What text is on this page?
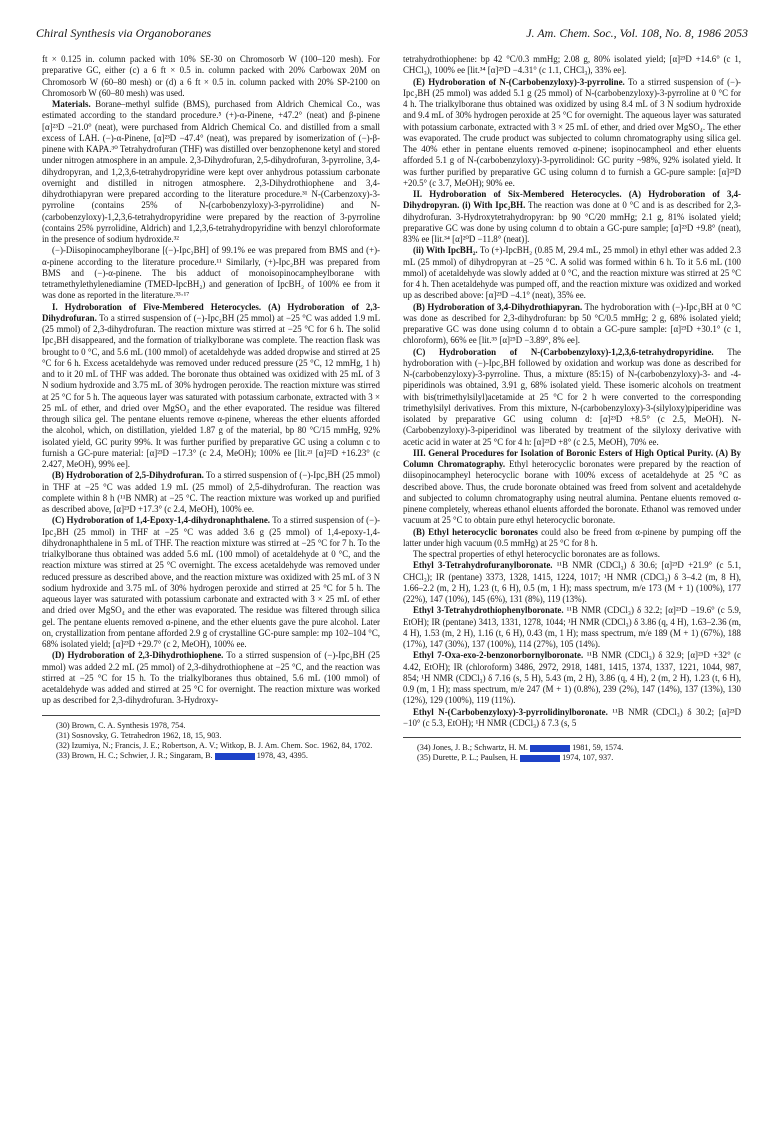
Chiral Synthesis via Organoboranes	J. Am. Chem. Soc., Vol. 108, No. 8, 1986 2053

ft × 0.125 in. column packed with 10% SE-30 on Chromosorb W (100–120 mesh). For preparative GC, either (c) a 6 ft × 0.5 in. column packed with 20% Carbowax 20M on Chromosorb W (60–80 mesh) or (d) a 6 ft × 0.5 in. column packed with 20% SP-2100 on Chromosorb W (60–80 mesh) was used.

Materials. Borane–methyl sulfide (BMS), purchased from Aldrich Chemical Co., was estimated according to the standard procedure.⁵ (+)-α-Pinene, +47.2° (neat) and β-pinene [α]²³D −21.0° (neat), were purchased from Aldrich Chemical Co. and distilled from a small excess of LAH. (−)-α-Pinene, [α]²³D −47.4° (neat), was prepared by isomerization of (−)-β-pinene with KAPA.³⁰ Tetrahydrofuran (THF) was distilled over benzophenone ketyl and stored under nitrogen atmosphere in an ampule. 2,3-Dihydrofuran, 2,5-dihydrofuran, 3-pyrroline, 3,4-dihydropyran, and 1,2,3,6-tetrahydropyridine were kept over anhydrous potassium carbonate overnight and distilled in nitrogen atmosphere. 2,3-Dihydrothiophene and 3,4-dihydrothiapyran were prepared according to the literature procedure.³¹ N-(Carbenzoxy)-3-pyrroline (contains 25% of N-(carbobenzyloxy)-3-pyrrolidine) and N-(carbobenzyloxy)-1,2,3,6-tetrahydropyridine were prepared by the reaction of 3-pyrroline (contains 25% pyrrolidine, Aldrich) and 1,2,3,6-tetrahydropyridine with benzyl chloroformate in the presence of sodium hydroxide.³²

(−)-Diisopinocampheylborane [(−)-Ipc₂BH] of 99.1% ee was prepared from BMS and (+)-α-pinene according to the literature procedure.¹¹ Similarly, (+)-Ipc₂BH was prepared from BMS and (−)-α-pinene. The bis adduct of monoisopinocampheylborane with tetramethylethylenediamine (TMED-IpcBH₂) and generation of IpcBH₂ of 100% ee from it was done as reported in the literature.³³·¹⁷

I. Hydroboration of Five-Membered Heterocycles. (A) Hydroboration of 2,3-Dihydrofuran. To a stirred suspension of (−)-Ipc₂BH (25 mmol) at −25 °C was added 1.9 mL (25 mmol) of 2,3-dihydrofuran. The reaction mixture was stirred at −25 °C for 6 h. The solid Ipc₂BH disappeared, and the formation of trialkylborane was complete. The reaction flask was brought to 0 °C, and 5.6 mL (100 mmol) of acetaldehyde was added dropwise and stirred at 25 °C for 6 h. Excess acetaldehyde was removed under reduced pressure (25 °C, 12 mmHg, 1 h) and to it 20 mL of THF was added. The boronate thus obtained was oxidized with 25 mL of 3 N sodium hydroxide and 3.75 mL of 30% hydrogen peroxide. The reaction mixture was stirred at 25 °C for 5 h. The aqueous layer was saturated with potassium carbonate, extracted with 3 × 25 mL of ether, and dried over MgSO₄ and the ether evaporated. The residue was filtered through silica gel. The pentane eluents remove α-pinene, whereas the ether eluents afforded the alcohol, which, on distillation, yielded 1.87 g of the material, bp 80 °C/15 mmHg, 92% isolated yield, GC purity 99%. It was further purified by preparative GC using a column c to furnish a GC-pure material: [α]²³D −17.3° (c 2.4, MeOH); 100% ee [lit.²¹ [α]²²D +16.23° (c 2.427, MeOH), 99% ee].

(B) Hydroboration of 2,5-Dihydrofuran. To a stirred suspension of (−)-Ipc₂BH (25 mmol) in THF at −25 °C was added 1.9 mL (25 mmol) of 2,5-dihydrofuran. The reaction was complete within 8 h (¹¹B NMR) at −25 °C. The reaction mixture was worked up and purified as described above, [α]²³D +17.3° (c 2.4, MeOH), 100% ee.

(C) Hydroboration of 1,4-Epoxy-1,4-dihydronaphthalene. To a stirred suspension of (−)-Ipc₂BH (25 mmol) in THF at −25 °C was added 3.6 g (25 mmol) of 1,4-epoxy-1,4-dihydronaphthalene in 5 mL of THF. The reaction mixture was stirred at −25 °C for 7 h. To the trialkylborane thus obtained was added 5.6 mL (100 mmol) of acetaldehyde at 0 °C, and the reaction mixture was stirred at 25 °C overnight. The excess acetaldehyde was removed under reduced pressure as described above, and the reaction mixture was oxidized with 25 mL of 3 N sodium hydroxide and 3.75 mL of 30% hydrogen peroxide and stirred at 25 °C for 5 h. The aqueous layer was saturated with potassium carbonate and extracted with 3 × 25 mL of ether and dried over MgSO₄ and the ether was evaporated. The residue was filtered through silica gel. The pentane eluents removed α-pinene, and the ether eluents gave the pure alcohol. Later on, crystallization from pentane afforded 2.9 g of crystalline GC-pure sample: mp 102–104 °C, 68% isolated yield; [α]²³D +29.7° (c 2, MeOH), 100% ee.

(D) Hydroboration of 2,3-Dihydrothiophene. To a stirred suspension of (−)-Ipc₂BH (25 mmol) was added 2.2 mL (25 mmol) of 2,3-dihydrothiophene at −25 °C, and the reaction was stirred at −25 °C for 15 h. To the trialkylboranes thus obtained, 5.6 mL (100 mmol) of acetaldehyde was added and stirred at 25 °C for overnight. The reaction mixture was worked up as described for 2,3-dihydrofuran. 3-Hydroxy-

(30) Brown, C. A. Synthesis 1978, 754.
(31) Sosnovsky, G. Tetrahedron 1962, 18, 15, 903.
(32) Izumiya, N.; Francis, J. E.; Robertson, A. V.; Witkop, B. J. Am. Chem. Soc. 1962, 84, 1702.
(33) Brown, H. C.; Schwier, J. R.; Singaram, B.	1978, 43, 4395.

tetrahydrothiophene: bp 42 °C/0.3 mmHg; 2.08 g, 80% isolated yield; [α]²³D +14.6° (c 1, CHCl₃), 100% ee [lit.³⁴ [α]²⁵D −4.31° (c 1.1, CHCl₃), 33% ee].

(E) Hydroboration of N-(Carbobenzyloxy)-3-pyrroline. To a stirred suspension of (−)-Ipc₂BH (25 mmol) was added 5.1 g (25 mmol) of N-(carbobenzyloxy)-3-pyrroline at 0 °C for 4 h. The trialkylborane thus obtained was oxidized by using 8.4 mL of 3 N sodium hydroxide and 9.4 mL of 30% hydrogen peroxide at 25 °C for overnight. The aqueous layer was saturated with potassium carbonate, extracted with 3 × 25 mL of ether, and dried over MgSO₄. The ether was evaporated. The crude product was subjected to column chromatography using silica gel. The 40% ether in pentane eluents removed α-pinene; isopinocampheol and ether eluents afforded 5.1 g of N-(carbobenzyloxy)-3-pyrrolidinol: GC purity ~98%, 92% isolated yield. It was further purified by preparative GC using column d to furnish a GC-pure sample: [α]²³D +20.5° (c 3.7, MeOH); 90% ee.

II. Hydroboration of Six-Membered Heterocycles. (A) Hydroboration of 3,4-Dihydropyran. (i) With Ipc₂BH. The reaction was done at 0 °C and is as described for 2,3-dihydrofuran. 3-Hydroxytetrahydropyran: bp 90 °C/20 mmHg; 2.1 g, 81% isolated yield; preparative GC was done by using column d to obtain a GC-pure sample; [α]²³D +9.8° (neat), 83% ee [lit.³⁴ [α]²⁰D −11.8° (neat)].

(ii) With IpcBH₂. To (+)-IpcBH₂ (0.85 M, 29.4 mL, 25 mmol) in ethyl ether was added 2.3 mL (25 mmol) of dihydropyran at −25 °C. A solid was formed within 6 h. To it 5.6 mL (100 mmol) of acetaldehyde was slowly added at 0 °C, and the reaction mixture was stirred at 25 °C for 4 h. Then acetaldehyde was pumped off, and the reaction mixture was oxidized and worked up as described above: [α]²³D −4.1° (neat), 35% ee.

(B) Hydroboration of 3,4-Dihydrothiapyran. The hydroboration with (−)-Ipc₂BH at 0 °C was done as described for 2,3-dihydrofuran: bp 50 °C/0.5 mmHg; 2 g, 68% isolated yield; preparative GC was done using column d to obtain a GC-pure sample: [α]²³D +30.1° (c 1, chloroform), 66% ee [lit.³⁵ [α]²⁵D −3.89°, 8% ee].

(C) Hydroboration of N-(Carbobenzyloxy)-1,2,3,6-tetrahydropyridine. The hydroboration with (−)-Ipc₂BH followed by oxidation and workup was done as described for N-(carbobenzyloxy)-3-pyrroline. Thus, a mixture (85:15) of N-(carbobenzyloxy)-3- and -4-piperidinols was obtained, 3.91 g, 68% isolated yield. These isomeric alcohols on treatment with bis(trimethylsilyl)acetamide at 25 °C for 2 h were converted to the corresponding trimethylsilyl derivatives. From this mixture, N-(carbobenzyloxy)-3-(silyloxy)piperidine was isolated by preparative GC using column d: [α]²³D +8.5° (c 2.5, MeOH). N-(Carbobenzyloxy)-3-piperidinol was liberated by treatment of the silyloxy derivative with acetic acid in water at 25 °C for 4 h: [α]²³D +8° (c 2.5, MeOH), 70% ee.

III. General Procedures for Isolation of Boronic Esters of High Optical Purity. (A) By Column Chromatography. Ethyl heterocyclic boronates were prepared by the reaction of diisopinocampheyl heterocyclic borane with 100% excess of acetaldehyde at 25 °C as described above. Thus, the crude boronate obtained was freed from solvent and acetaldehyde and subjected to column chromatography using neutral alumina. Pentane eluents removed α-pinene completely, whereas ethanol eluents afforded the boronate. Ethanol was removed under vacuum at 25 °C to obtain pure ethyl heterocyclic boronate.

(B) Ethyl heterocyclic boronates could also be freed from α-pinene by pumping off the latter under high vacuum (0.5 mmHg) at 25 °C for 8 h.

The spectral properties of ethyl heterocyclic boronates are as follows.

Ethyl 3-Tetrahydrofuranylboronate. ¹¹B NMR (CDCl₃) δ 30.6; [α]²³D +21.9° (c 5.1, CHCl₃); IR (pentane) 3373, 1328, 1415, 1224, 1017; ¹H NMR (CDCl₃) δ 3–4.2 (m, 8 H), 1.66–2.2 (m, 2 H), 1.23 (t, 6 H), 0.5 (m, 1 H); mass spectrum, m/e 173 (M + 1) (100%), 177 (22%), 147 (10%), 145 (6%), 131 (8%), 119 (13%).

Ethyl 3-Tetrahydrothiophenylboronate. ¹¹B NMR (CDCl₃) δ 32.2; [α]²³D −19.6° (c 5.9, EtOH); IR (pentane) 3413, 1331, 1278, 1044; ¹H NMR (CDCl₃) δ 3.86 (q, 4 H), 1.63–2.36 (m, 4 H), 1.53 (m, 2 H), 1.16 (t, 6 H), 0.43 (m, 1 H); mass spectrum, m/e 189 (M + 1) (67%), 188 (17%), 147 (30%), 137 (100%), 114 (27%), 105 (14%).

Ethyl 7-Oxa-exo-2-benzonorbornylboronate. ¹¹B NMR (CDCl₃) δ 32.9; [α]²³D +32° (c 4.42, EtOH); IR (chloroform) 3486, 2972, 2918, 1481, 1415, 1374, 1337, 1221, 1044, 987, 854; ¹H NMR (CDCl₃) δ 7.16 (s, 5 H), 5.43 (m, 2 H), 3.86 (q, 4 H), 2 (m, 2 H), 1.23 (t, 6 H), 0.9 (m, 1 H); mass spectrum, m/e 247 (M + 1) (0.8%), 239 (2%), 147 (14%), 137 (13%), 130 (12%), 129 (100%), 119 (11%).

Ethyl N-(Carbobenzyloxy)-3-pyrrolidinylboronate. ¹¹B NMR (CDCl₃) δ 30.2; [α]²³D −10° (c 5.3, EtOH); ¹H NMR (CDCl₃) δ 7.3 (s, 5

(34) Jones, J. B.; Schwartz, H. M.	1981, 59, 1574.
(35) Durette, P. L.; Paulsen, H.	1974, 107, 937.
